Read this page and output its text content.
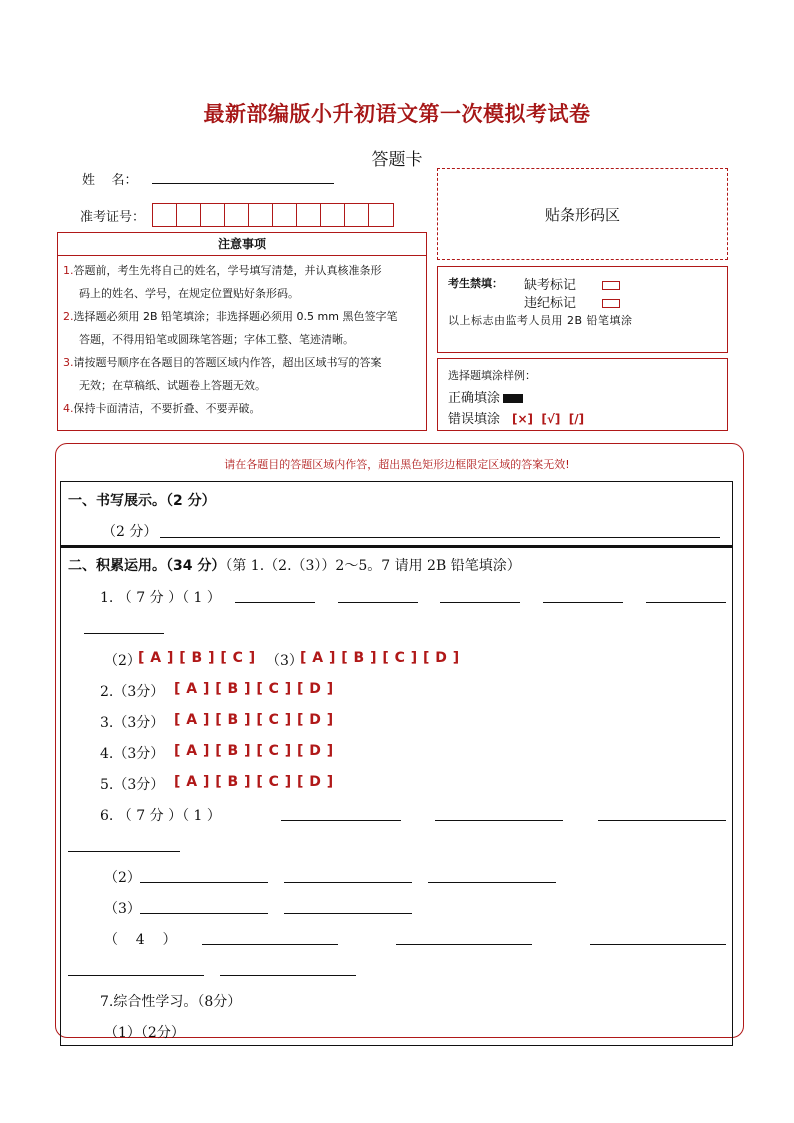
最新部编版小升初语文第一次模拟考试卷
答题卡
姓    名：
准考证号：	贴条形码区
注意事项
1.答题前，考生先将自己的姓名，学号填写清楚，并认真核准条形
码上的姓名、学号，在规定位置贴好条形码。
2.选择题必须用 2B 铅笔填涂；非选择题必须用 0.5 mm 黑色签字笔
答题，不得用铅笔或圆珠笔答题；字体工整、笔迹清晰。
3.请按题号顺序在各题目的答题区域内作答，超出区域书写的答案
无效；在草稿纸、试题卷上答题无效。
4.保持卡面清洁，不要折叠、不要弄破。
考生禁填： 缺考标记
违纪标记
以上标志由监考人员用 2B 铅笔填涂
选择题填涂样例：
正确填涂
错误填涂 [×]  [√]  [/]
请在各题目的答题区域内作答，超出黑色矩形边框限定区域的答案无效!
一、书写展示。（2 分）
（2 分）
二、积累运用。（34 分）（第 1.（2.（3））2～5。7 请用 2B 铅笔填涂）
1. （ 7 分 ）（ 1 ）
（2）
[ A ] [ B ] [ C ] （3）
[ A ] [ B ] [ C ] [ D ]
2.（3分） [ A ] [ B ] [ C ] [ D ]
3.（3分） [ A ] [ B ] [ C ] [ D ]
4.（3分） [ A ] [ B ] [ C ] [ D ]
5.（3分） [ A ] [ B ] [ C ] [ D ]
6. （ 7 分 ）（ 1 ）
（2）
（3）
（    4    ）
7.综合性学习。（8分）
（1）（2分）
